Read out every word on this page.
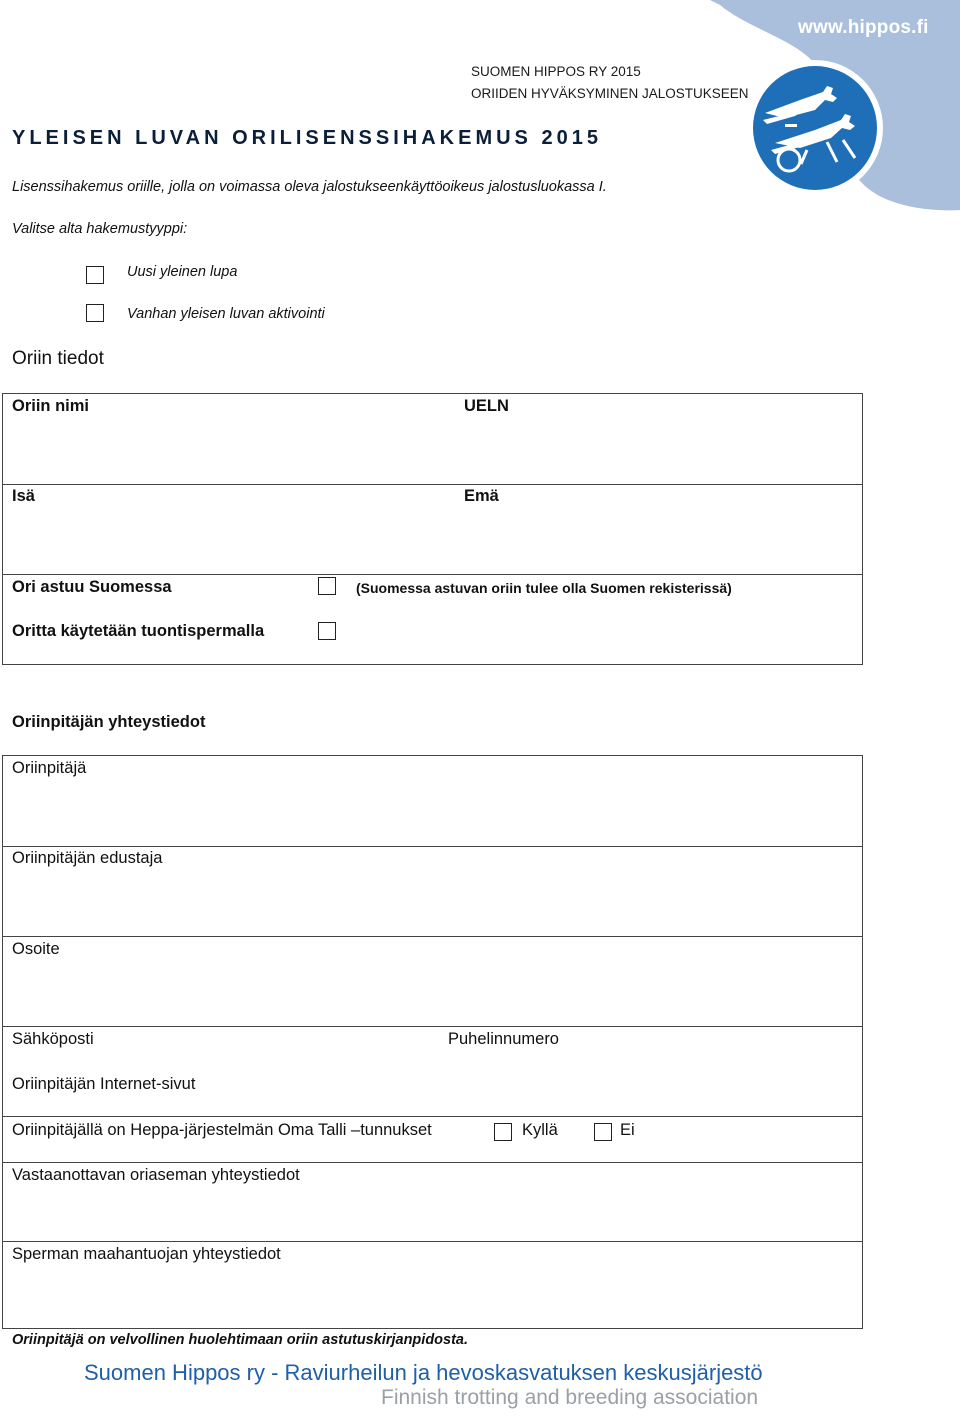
www.hippos.fi
SUOMEN HIPPOS RY 2015
ORIIDEN HYVÄKSYMINEN JALOSTUKSEEN
YLEISEN LUVAN ORILISENSSIHAKEMUS 2015
Lisenssihakemus oriille, jolla on voimassa oleva jalostukseenkäyttöoikeus jalostusluokassa I.
Valitse alta hakemustyyppi:
Uusi yleinen lupa
Vanhan yleisen luvan aktivointi
Oriin tiedot
Oriin nimi	UELN
Isä	Emä
Ori astuu Suomessa	(Suomessa astuvan oriin tulee olla Suomen rekisterissä)
Oritta käytetään tuontispermalla
Oriinpitäjän yhteystiedot
Oriinpitäjä
Oriinpitäjän edustaja
Osoite
Sähköposti	Puhelinnumero
Oriinpitäjän Internet-sivut
Oriinpitäjällä on Heppa-järjestelmän Oma Talli –tunnukset	Kyllä	Ei
Vastaanottavan oriaseman yhteystiedot
Sperman maahantuojan yhteystiedot
Oriinpitäjä on velvollinen huolehtimaan oriin astutuskirjanpidosta.
Suomen Hippos ry - Raviurheilun ja hevoskasvatuksen keskusjärjestö
Finnish trotting and breeding association
